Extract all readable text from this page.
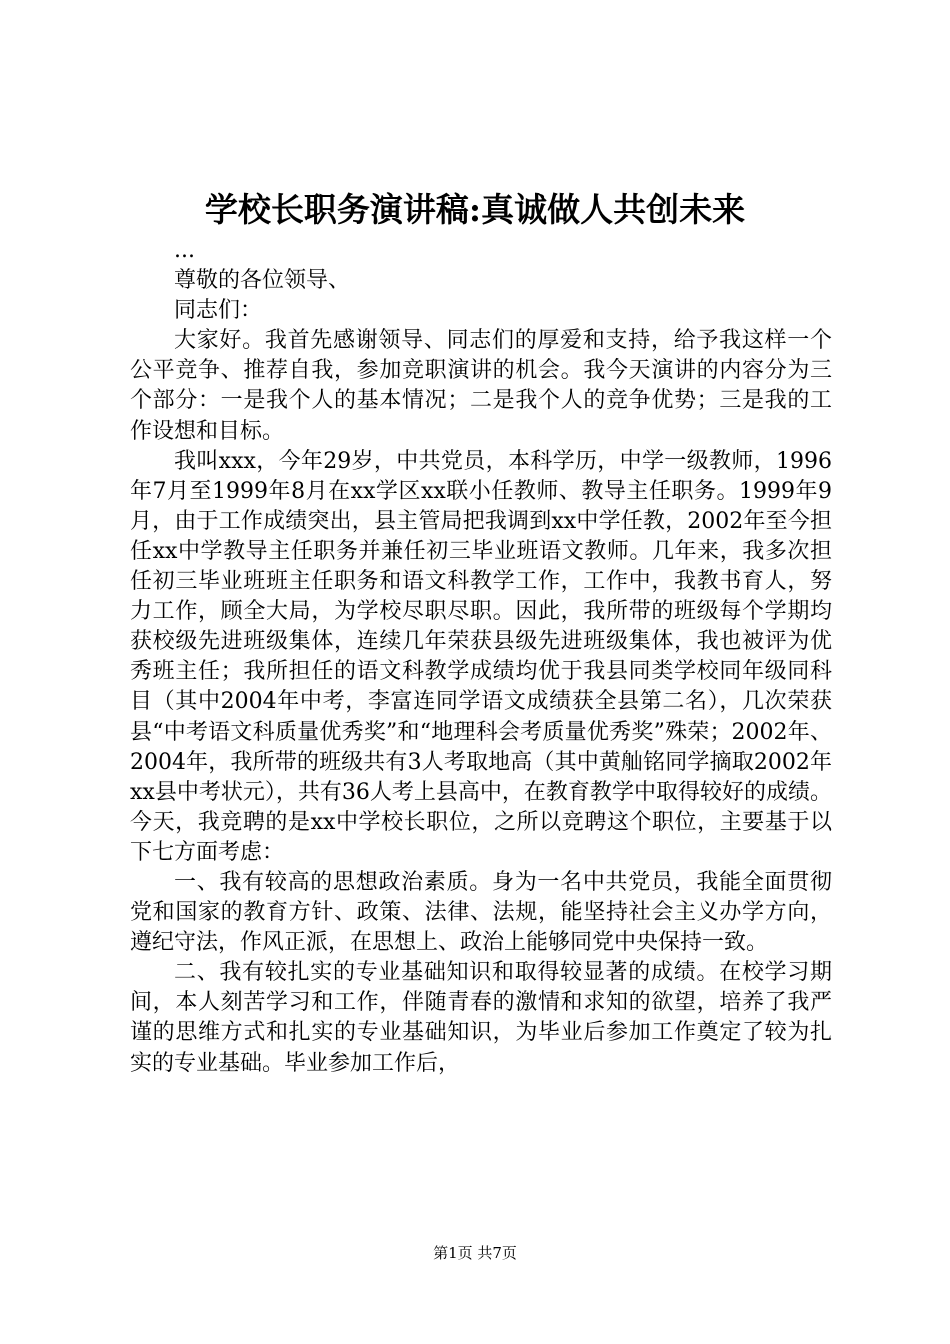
学校长职务演讲稿:真诚做人共创未来

...

尊敬的各位领导、

同志们：

大家好。我首先感谢领导、同志们的厚爱和支持，给予我这样一个公平竞争、推荐自我，参加竞职演讲的机会。我今天演讲的内容分为三个部分：一是我个人的基本情况；二是我个人的竞争优势；三是我的工作设想和目标。

我叫xxx，今年29岁，中共党员，本科学历，中学一级教师，1996年7月至1999年8月在xx学区xx联小任教师、教导主任职务。1999年9月，由于工作成绩突出，县主管局把我调到xx中学任教，2002年至今担任xx中学教导主任职务并兼任初三毕业班语文教师。几年来，我多次担任初三毕业班班主任职务和语文科教学工作，工作中，我教书育人，努力工作，顾全大局，为学校尽职尽职。因此，我所带的班级每个学期均获校级先进班级集体，连续几年荣获县级先进班级集体，我也被评为优秀班主任；我所担任的语文科教学成绩均优于我县同类学校同年级同科目（其中2004年中考，李富连同学语文成绩获全县第二名），几次荣获县“中考语文科质量优秀奖”和“地理科会考质量优秀奖”殊荣；2002年、2004年，我所带的班级共有3人考取地高（其中黄舢铭同学摘取2002年xx县中考状元），共有36人考上县高中，在教育教学中取得较好的成绩。今天，我竞聘的是xx中学校长职位，之所以竞聘这个职位，主要基于以下七方面考虑：

一、我有较高的思想政治素质。身为一名中共党员，我能全面贯彻党和国家的教育方针、政策、法律、法规，能坚持社会主义办学方向，遵纪守法，作风正派，在思想上、政治上能够同党中央保持一致。

二、我有较扎实的专业基础知识和取得较显著的成绩。在校学习期间，本人刻苦学习和工作，伴随青春的激情和求知的欲望，培养了我严谨的思维方式和扎实的专业基础知识，为毕业后参加工作奠定了较为扎实的专业基础。毕业参加工作后，

第1页 共7页
